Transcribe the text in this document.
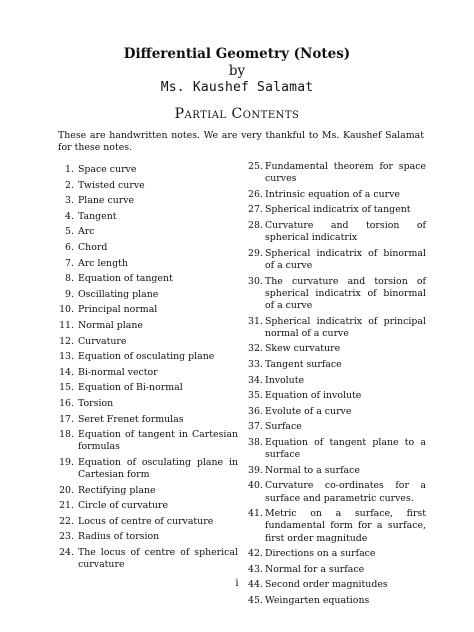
Differential Geometry (Notes)
by
Ms. Kaushef Salamat
Partial Contents
These are handwritten notes. We are very thankful to Ms. Kaushef Salamat for these notes.
1. Space curve
2. Twisted curve
3. Plane curve
4. Tangent
5. Arc
6. Chord
7. Arc length
8. Equation of tangent
9. Oscillating plane
10. Principal normal
11. Normal plane
12. Curvature
13. Equation of osculating plane
14. Bi-normal vector
15. Equation of Bi-normal
16. Torsion
17. Seret Frenet formulas
18. Equation of tangent in Cartesian formulas
19. Equation of osculating plane in Cartesian form
20. Rectifying plane
21. Circle of curvature
22. Locus of centre of curvature
23. Radius of torsion
24. The locus of centre of spherical curvature
25. Fundamental theorem for space curves
26. Intrinsic equation of a curve
27. Spherical indicatrix of tangent
28. Curvature and torsion of spherical indicatrix
29. Spherical indicatrix of binormal of a curve
30. The curvature and torsion of spherical indicatrix of binormal of a curve
31. Spherical indicatrix of principal normal of a curve
32. Skew curvature
33. Tangent surface
34. Involute
35. Equation of involute
36. Evolute of a curve
37. Surface
38. Equation of tangent plane to a surface
39. Normal to a surface
40. Curvature co-ordinates for a surface and parametric curves.
41. Metric on a surface, first fundamental form for a surface, first order magnitude
42. Directions on a surface
43. Normal for a surface
44. Second order magnitudes
45. Weingarten equations
i
